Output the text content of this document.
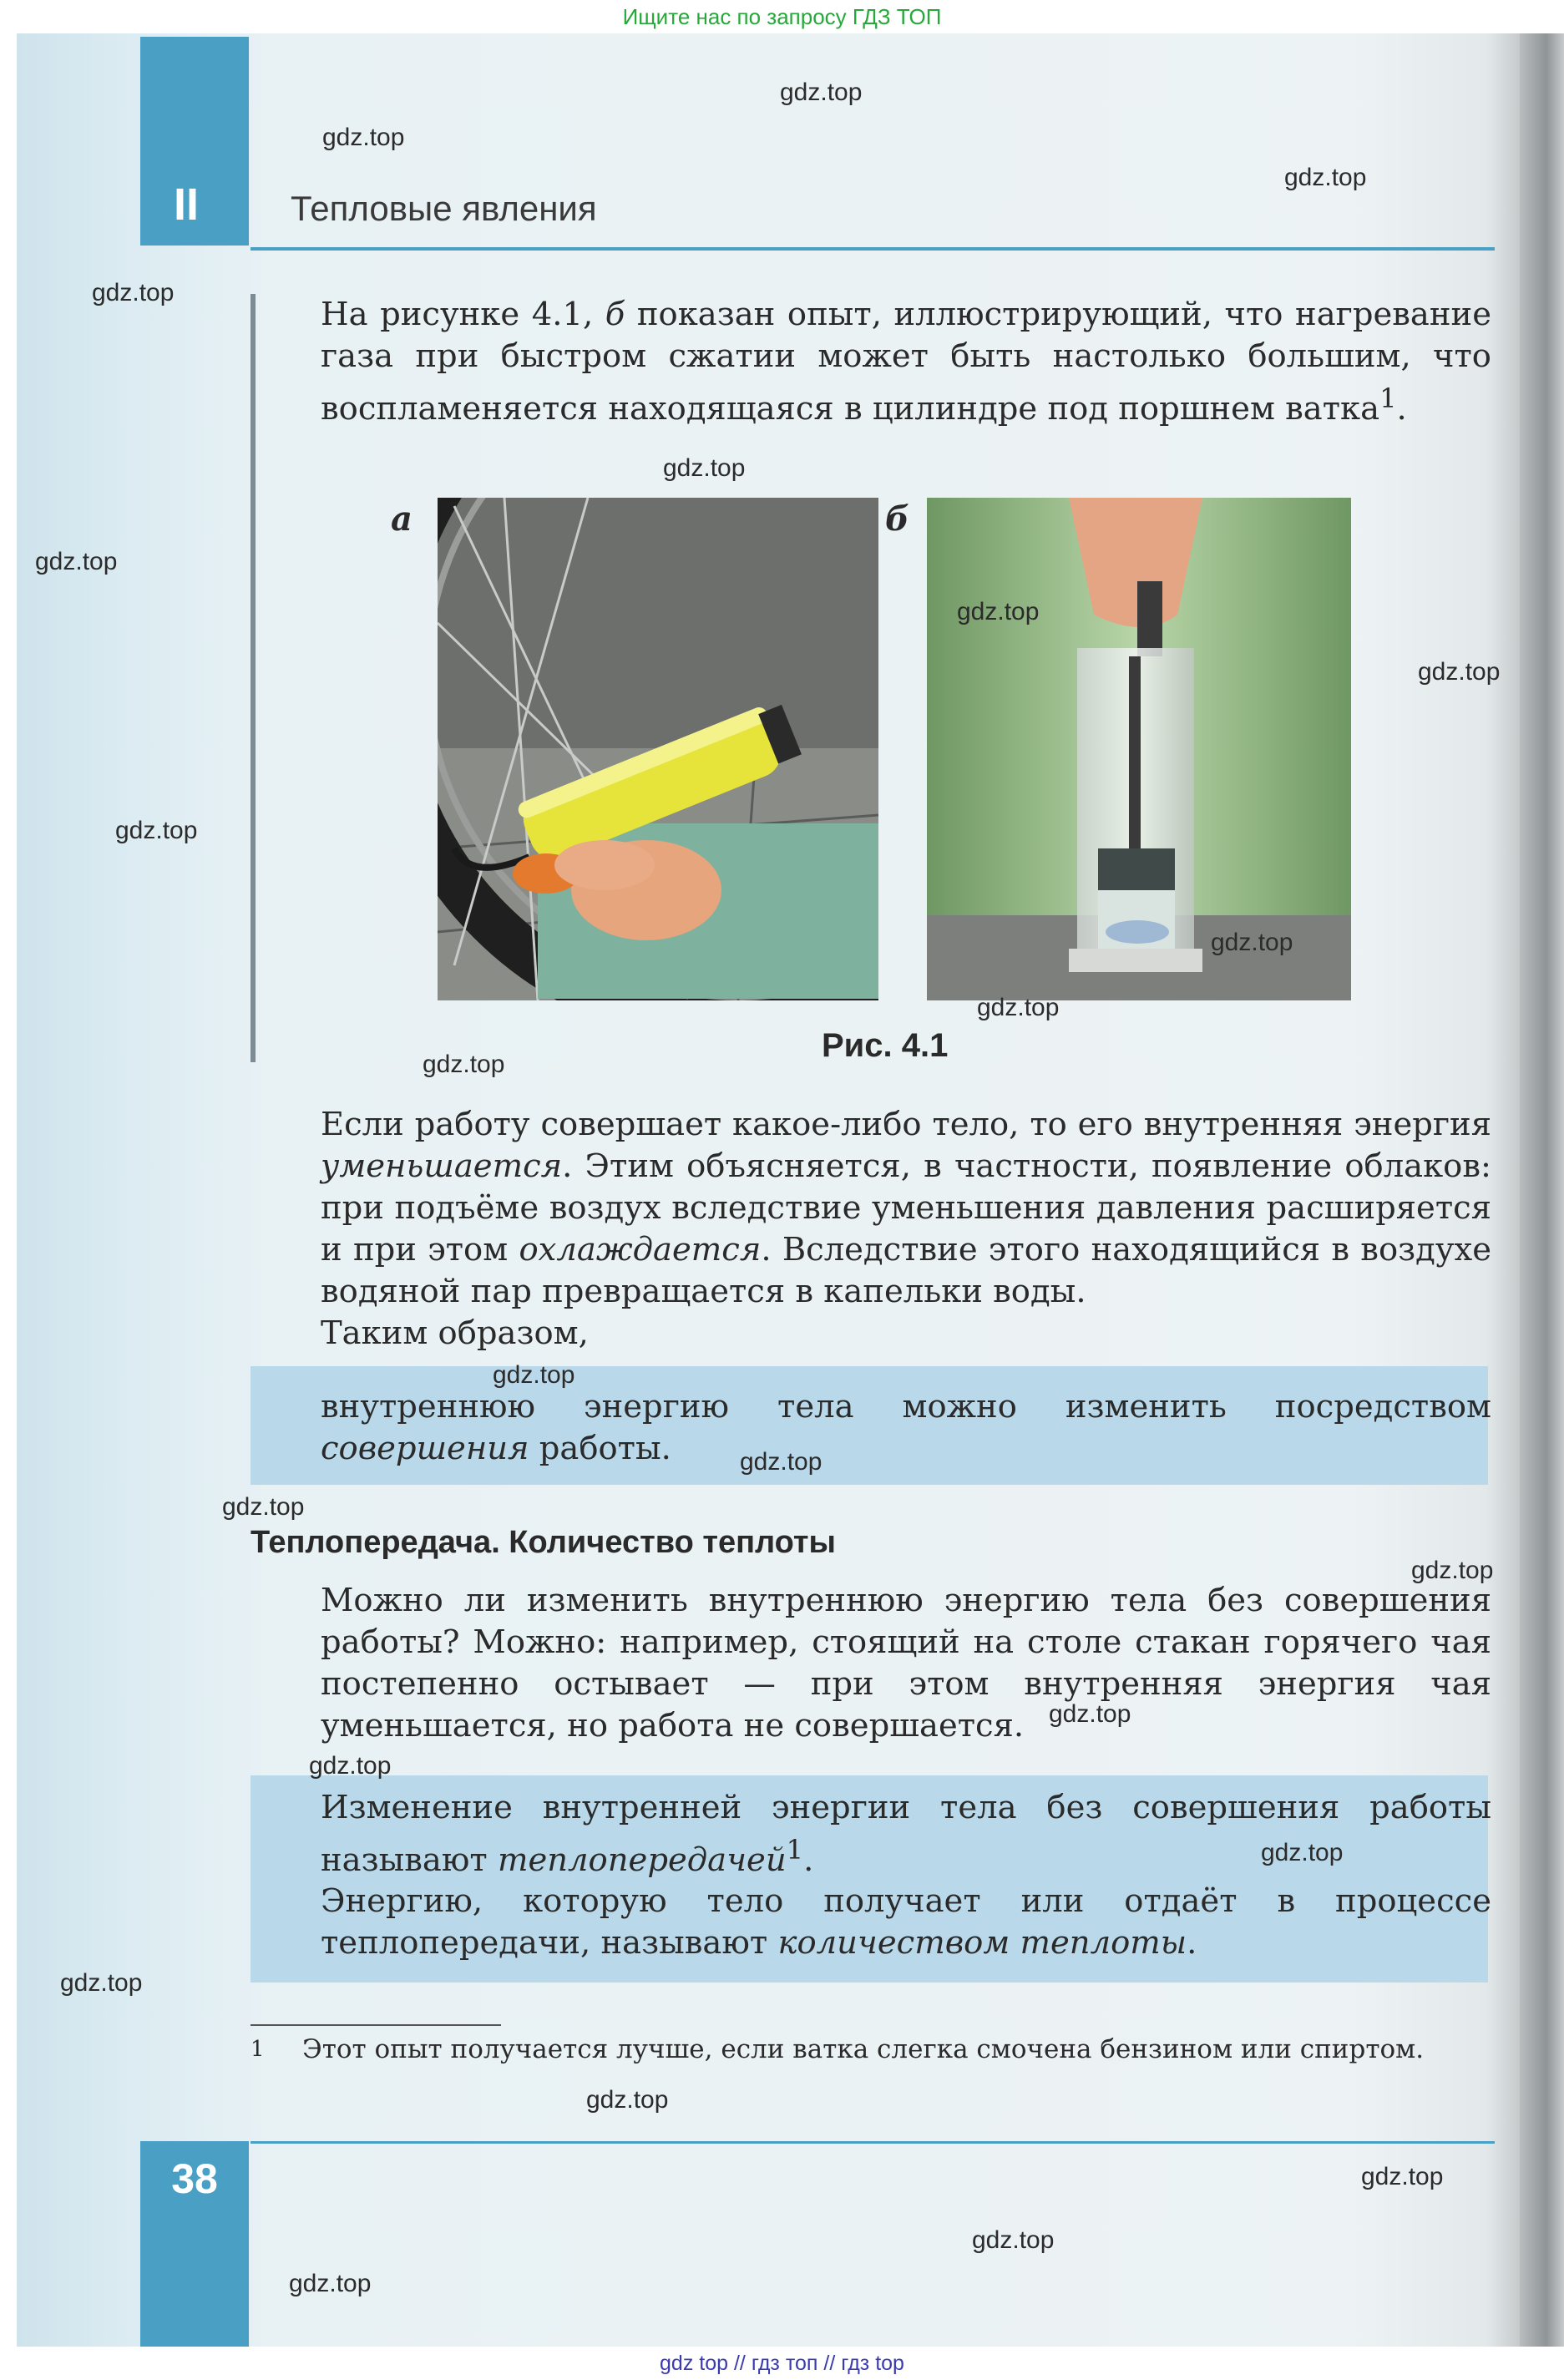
Ищите нас по запросу ГДЗ ТОП
II	Тепловые явления
На рисунке 4.1, б показан опыт, иллюстрирующий, что нагревание газа при быстром сжатии может быть настолько большим, что воспламеняется находящаяся в цилиндре под поршнем ватка$^1$.
а	б
Рис. 4.1
Если работу совершает какое-либо тело, то его внутренняя энергия уменьшается. Этим объясняется, в частности, появление облаков: при подъёме воздух вследствие уменьшения давления расширяется и при этом охлаждается. Вследствие этого находящийся в воздухе водяной пар превращается в капельки воды.
Таким образом,
внутреннюю энергию тела можно изменить посредством совершения работы.
Теплопередача. Количество теплоты
Можно ли изменить внутреннюю энергию тела без совершения работы? Можно: например, стоящий на столе стакан горячего чая постепенно остывает — при этом внутренняя энергия чая уменьшается, но работа не совершается.
Изменение внутренней энергии тела без совершения работы называют теплопередачей$^1$.
Энергию, которую тело получает или отдаёт в процессе теплопередачи, называют количеством теплоты.
1	Этот опыт получается лучше, если ватка слегка смочена бензином или спиртом.
38
gdz.top
gdz.top
gdz.top
gdz.top
gdz.top
gdz.top
gdz.top
gdz.top
gdz.top
gdz.top
gdz.top
gdz.top
gdz.top
gdz.top
gdz.top
gdz.top
gdz.top
gdz.top
gdz.top
gdz.top
gdz.top
gdz.top
gdz.top
gdz.top
gdz top // гдз топ // гдз top
